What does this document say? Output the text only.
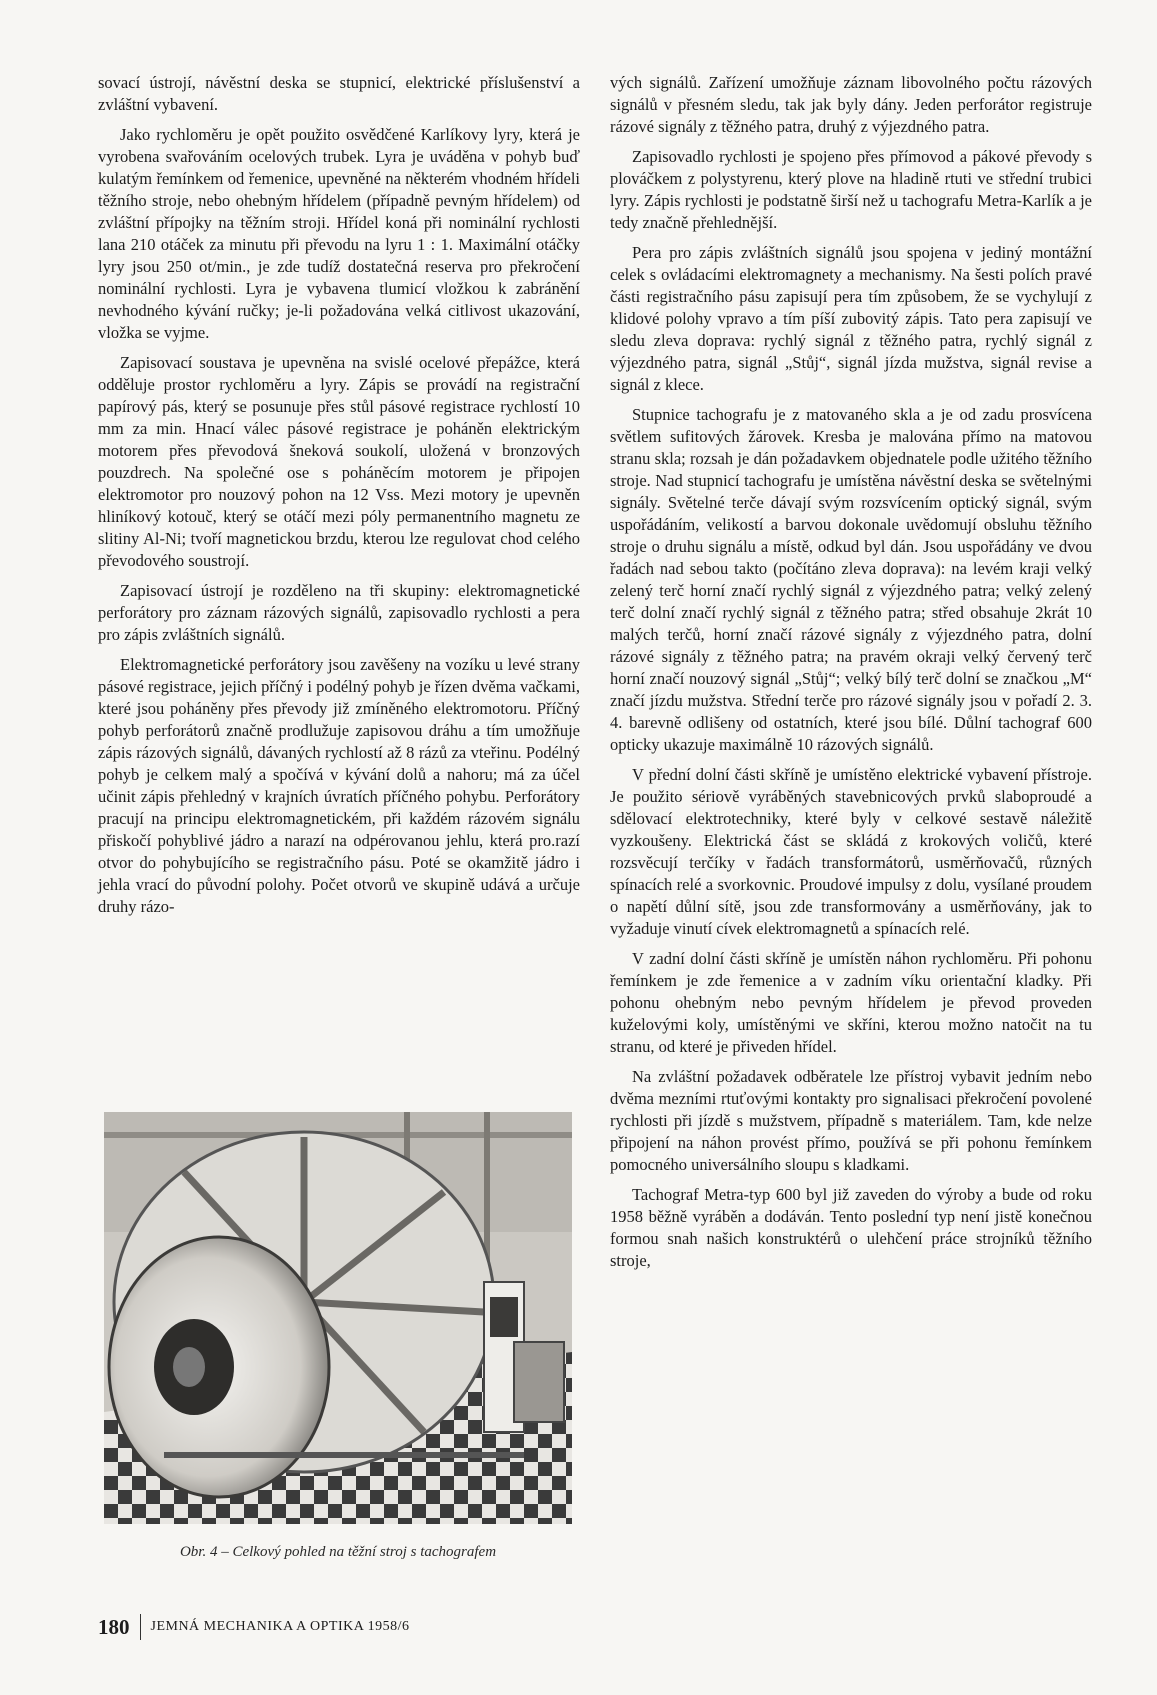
sovací ústrojí, návěstní deska se stupnicí, elektrické příslušenství a zvláštní vybavení.

Jako rychloměru je opět použito osvědčené Karlíkovy lyry, která je vyrobena svařováním ocelových trubek. Lyra je uváděna v pohyb buď kulatým řemínkem od řemenice, upevněné na některém vhodném hřídeli těžního stroje, nebo ohebným hřídelem (případně pevným hřídelem) od zvláštní přípojky na těžním stroji. Hřídel koná při nominální rychlosti lana 210 otáček za minutu při převodu na lyru 1 : 1. Maximální otáčky lyry jsou 250 ot/min., je zde tudíž dostatečná reserva pro překročení nominální rychlosti. Lyra je vybavena tlumicí vložkou k zabránění nevhodného kývání ručky; je-li požadována velká citlivost ukazování, vložka se vyjme.

Zapisovací soustava je upevněna na svislé ocelové přepážce, která odděluje prostor rychloměru a lyry. Zápis se provádí na registrační papírový pás, který se posunuje přes stůl pásové registrace rychlostí 10 mm za min. Hnací válec pásové registrace je poháněn elektrickým motorem přes převodová šneková soukolí, uložená v bronzových pouzdrech. Na společné ose s poháněcím motorem je připojen elektromotor pro nouzový pohon na 12 Vss. Mezi motory je upevněn hliníkový kotouč, který se otáčí mezi póly permanentního magnetu ze slitiny Al-Ni; tvoří magnetickou brzdu, kterou lze regulovat chod celého převodového soustrojí.

Zapisovací ústrojí je rozděleno na tři skupiny: elektromagnetické perforátory pro záznam rázových signálů, zapisovadlo rychlosti a pera pro zápis zvláštních signálů.

Elektromagnetické perforátory jsou zavěšeny na vozíku u levé strany pásové registrace, jejich příčný i podélný pohyb je řízen dvěma vačkami, které jsou poháněny přes převody již zmíněného elektromotoru. Příčný pohyb perforátorů značně prodlužuje zapisovou dráhu a tím umožňuje zápis rázových signálů, dávaných rychlostí až 8 rázů za vteřinu. Podélný pohyb je celkem malý a spočívá v kývání dolů a nahoru; má za účel učinit zápis přehledný v krajních úvratích příčného pohybu. Perforátory pracují na principu elektromagnetickém, při každém rázovém signálu přiskočí pohyblivé jádro a narazí na odpérovanou jehlu, která pro.razí otvor do pohybujícího se registračního pásu. Poté se okamžitě jádro i jehla vrací do původní polohy. Počet otvorů ve skupině udává a určuje druhy rázo-

vých signálů. Zařízení umožňuje záznam libovolného počtu rázových signálů v přesném sledu, tak jak byly dány. Jeden perforátor registruje rázové signály z těžného patra, druhý z výjezdného patra.

Zapisovadlo rychlosti je spojeno přes přímovod a pákové převody s plováčkem z polystyrenu, který plove na hladině rtuti ve střední trubici lyry. Zápis rychlosti je podstatně širší než u tachografu Metra-Karlík a je tedy značně přehlednější.

Pera pro zápis zvláštních signálů jsou spojena v jediný montážní celek s ovládacími elektromagnety a mechanismy. Na šesti polích pravé části registračního pásu zapisují pera tím způsobem, že se vychylují z klidové polohy vpravo a tím píší zubovitý zápis. Tato pera zapisují ve sledu zleva doprava: rychlý signál z těžného patra, rychlý signál z výjezdného patra, signál „Stůj“, signál jízda mužstva, signál revise a signál z klece.

Stupnice tachografu je z matovaného skla a je od zadu prosvícena světlem sufitových žárovek. Kresba je malována přímo na matovou stranu skla; rozsah je dán požadavkem objednatele podle užitého těžního stroje. Nad stupnicí tachografu je umístěna návěstní deska se světelnými signály. Světelné terče dávají svým rozsvícením optický signál, svým uspořádáním, velikostí a barvou dokonale uvědomují obsluhu těžního stroje o druhu signálu a místě, odkud byl dán. Jsou uspořádány ve dvou řadách nad sebou takto (počítáno zleva doprava): na levém kraji velký zelený terč horní značí rychlý signál z výjezdného patra; velký zelený terč dolní značí rychlý signál z těžného patra; střed obsahuje 2krát 10 malých terčů, horní značí rázové signály z výjezdného patra, dolní rázové signály z těžného patra; na pravém okraji velký červený terč horní značí nouzový signál „Stůj“; velký bílý terč dolní se značkou „M“ značí jízdu mužstva. Střední terče pro rázové signály jsou v pořadí 2. 3. 4. barevně odlišeny od ostatních, které jsou bílé. Důlní tachograf 600 opticky ukazuje maximálně 10 rázových signálů.

V přední dolní části skříně je umístěno elektrické vybavení přístroje. Je použito sériově vyráběných stavebnicových prvků slaboproudé a sdělovací elektrotechniky, které byly v celkové sestavě náležitě vyzkoušeny. Elektrická část se skládá z krokových voličů, které rozsvěcují terčíky v řadách transformátorů, usměrňovačů, různých spínacích relé a svorkovnic. Proudové impulsy z dolu, vysílané proudem o napětí důlní sítě, jsou zde transformovány a usměrňovány, jak to vyžaduje vinutí cívek elektromagnetů a spínacích relé.

V zadní dolní části skříně je umístěn náhon rychloměru. Při pohonu řemínkem je zde řemenice a v zadním víku orientační kladky. Při pohonu ohebným nebo pevným hřídelem je převod proveden kuželovými koly, umístěnými ve skříni, kterou možno natočit na tu stranu, od které je přiveden hřídel.

Na zvláštní požadavek odběratele lze přístroj vybavit jedním nebo dvěma mezními rtuťovými kontakty pro signalisaci překročení povolené rychlosti při jízdě s mužstvem, případně s materiálem. Tam, kde nelze připojení na náhon provést přímo, používá se při pohonu řemínkem pomocného universálního sloupu s kladkami.

Tachograf Metra-typ 600 byl již zaveden do výroby a bude od roku 1958 běžně vyráběn a dodáván. Tento poslední typ není jistě konečnou formou snah našich konstruktérů o ulehčení práce strojníků těžního stroje,

Obr. 4 – Celkový pohled na těžní stroj s tachografem
180 JEMNÁ MECHANIKA A OPTIKA 1958/6
